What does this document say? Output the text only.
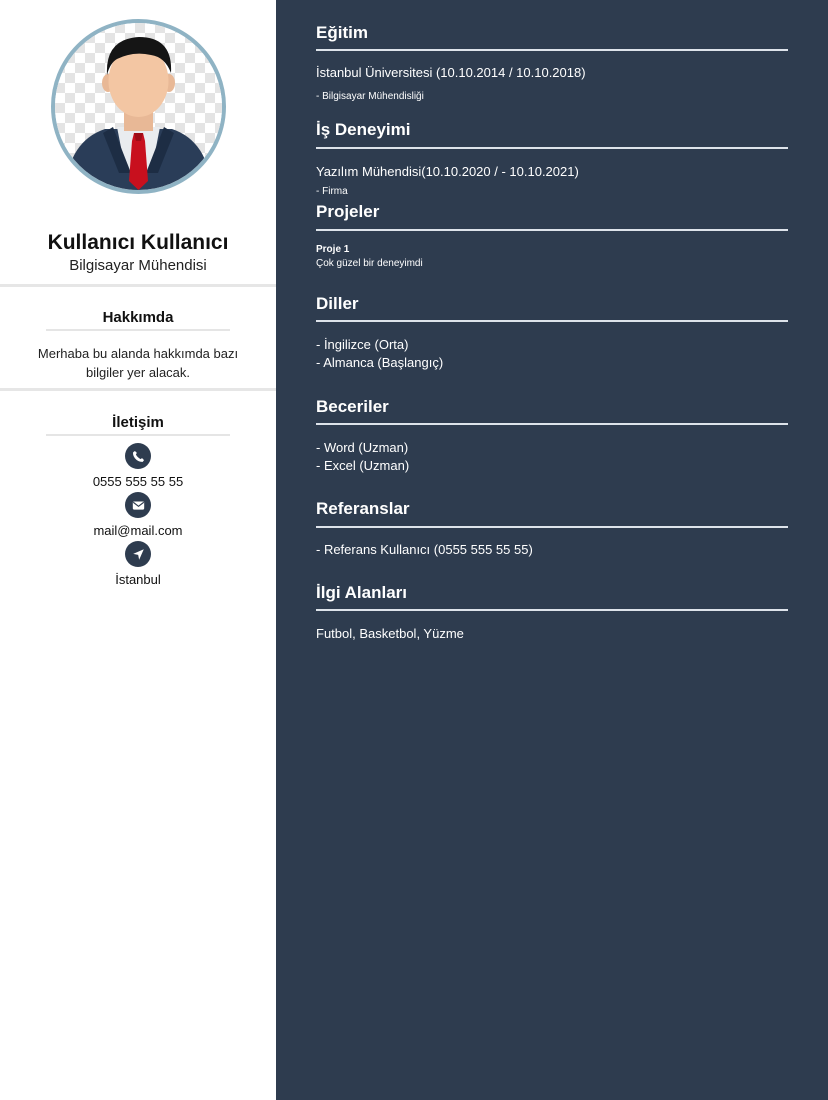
Kullanıcı Kullanıcı
Bilgisayar Mühendisi
Hakkımda
Merhaba bu alanda hakkımda bazı bilgiler yer alacak.
İletişim
0555 555 55 55
mail@mail.com
İstanbul
Eğitim
İstanbul Üniversitesi (10.10.2014 / 10.10.2018)
- Bilgisayar Mühendisliği
İş Deneyimi
Yazılım Mühendisi(10.10.2020 / - 10.10.2021)
- Firma
Projeler
Proje 1
Çok güzel bir deneyimdi
Diller
- İngilizce (Orta)
- Almanca (Başlangıç)
Beceriler
- Word (Uzman)
- Excel (Uzman)
Referanslar
- Referans Kullanıcı (0555 555 55 55)
İlgi Alanları
Futbol, Basketbol, Yüzme
